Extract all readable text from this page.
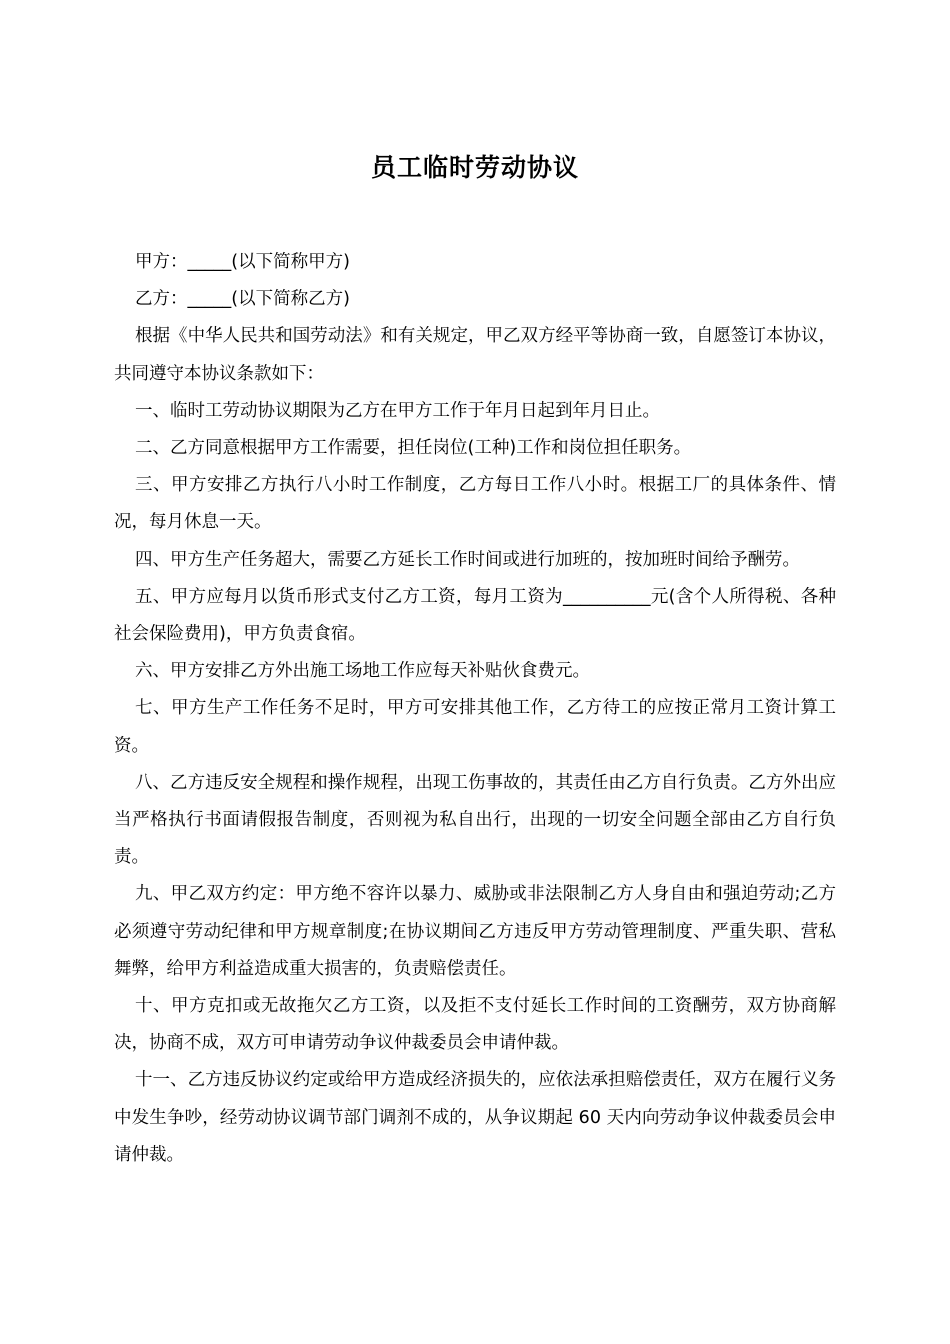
员工临时劳动协议

甲方：_____(以下简称甲方)

乙方：_____(以下简称乙方)

根据《中华人民共和国劳动法》和有关规定，甲乙双方经平等协商一致，自愿签订本协议，共同遵守本协议条款如下：

一、临时工劳动协议期限为乙方在甲方工作于年月日起到年月日止。

二、乙方同意根据甲方工作需要，担任岗位(工种)工作和岗位担任职务。

三、甲方安排乙方执行八小时工作制度，乙方每日工作八小时。根据工厂的具体条件、情况，每月休息一天。

四、甲方生产任务超大，需要乙方延长工作时间或进行加班的，按加班时间给予酬劳。

五、甲方应每月以货币形式支付乙方工资，每月工资为__________元(含个人所得税、各种社会保险费用)，甲方负责食宿。

六、甲方安排乙方外出施工场地工作应每天补贴伙食费元。

七、甲方生产工作任务不足时，甲方可安排其他工作，乙方待工的应按正常月工资计算工资。

八、乙方违反安全规程和操作规程，出现工伤事故的，其责任由乙方自行负责。乙方外出应当严格执行书面请假报告制度，否则视为私自出行，出现的一切安全问题全部由乙方自行负责。

九、甲乙双方约定：甲方绝不容许以暴力、威胁或非法限制乙方人身自由和强迫劳动;乙方必须遵守劳动纪律和甲方规章制度;在协议期间乙方违反甲方劳动管理制度、严重失职、营私舞弊，给甲方利益造成重大损害的，负责赔偿责任。

十、甲方克扣或无故拖欠乙方工资，以及拒不支付延长工作时间的工资酬劳，双方协商解决，协商不成，双方可申请劳动争议仲裁委员会申请仲裁。

十一、乙方违反协议约定或给甲方造成经济损失的，应依法承担赔偿责任，双方在履行义务中发生争吵，经劳动协议调节部门调剂不成的，从争议期起 60 天内向劳动争议仲裁委员会申请仲裁。
